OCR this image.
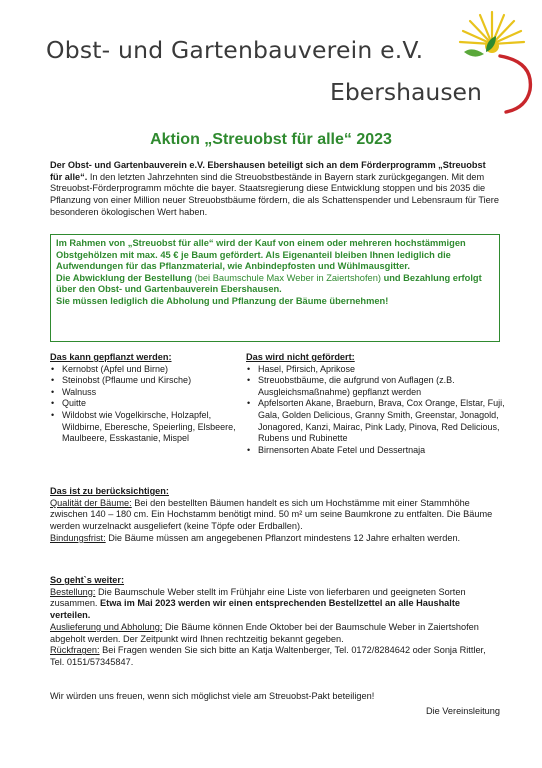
Obst- und Gartenbauverein e.V.
Ebershausen
Aktion „Streuobst für alle“ 2023
Der Obst- und Gartenbauverein e.V. Ebershausen beteiligt sich an dem Förderprogramm „Streuobst für alle“. In den letzten Jahrzehnten sind die Streuobstbestände in Bayern stark zurückgegangen. Mit dem Streuobst-Förderprogramm möchte die bayer. Staatsregierung diese Entwicklung stoppen und bis 2035 die Pflanzung von einer Million neuer Streuobstbäume fördern, die als Schattenspender und Lebensraum für Tiere besonderen ökologischen Wert haben.
Im Rahmen von „Streuobst für alle“ wird der Kauf von einem oder mehreren hochstämmigen Obstgehölzen mit max. 45 € je Baum gefördert. Als Eigenanteil bleiben Ihnen lediglich die Aufwendungen für das Pflanzmaterial, wie Anbindepfosten und Wühlmausgitter.
Die Abwicklung der Bestellung (bei Baumschule Max Weber in Zaiertshofen) und Bezahlung erfolgt über den Obst- und Gartenbauverein Ebershausen.
Sie müssen lediglich die Abholung und Pflanzung der Bäume übernehmen!
Das kann gepflanzt werden:
• Kernobst (Apfel und Birne)
• Steinobst (Pflaume und Kirsche)
• Walnuss
• Quitte
• Wildobst wie Vogelkirsche, Holzapfel, Wildbirne, Eberesche, Speierling, Elsbeere, Maulbeere, Esskastanie, Mispel
Das wird nicht gefördert:
• Hasel, Pfirsich, Aprikose
• Streuobstbäume, die aufgrund von Auflagen (z.B. Ausgleichsmaßnahme) gepflanzt werden
• Apfelsorten Akane, Braeburn, Brava, Cox Orange, Elstar, Fuji, Gala, Golden Delicious, Granny Smith, Greenstar, Jonagold, Jonagored, Kanzi, Mairac, Pink Lady, Pinova, Red Delicious, Rubens und Rubinette
• Birnensorten Abate Fetel und Dessertnaja
Das ist zu berücksichtigen:
Qualität der Bäume: Bei den bestellten Bäumen handelt es sich um Hochstämme mit einer Stammhöhe zwischen 140 – 180 cm. Ein Hochstamm benötigt mind. 50 m² um seine Baumkrone zu entfalten. Die Bäume werden wurzelnackt ausgeliefert (keine Töpfe oder Erdballen).
Bindungsfrist: Die Bäume müssen am angegebenen Pflanzort mindestens 12 Jahre erhalten werden.
So geht`s weiter:
Bestellung: Die Baumschule Weber stellt im Frühjahr eine Liste von lieferbaren und geeigneten Sorten zusammen. Etwa im Mai 2023 werden wir einen entsprechenden Bestellzettel an alle Haushalte verteilen.
Auslieferung und Abholung: Die Bäume können Ende Oktober bei der Baumschule Weber in Zaiertshofen abgeholt werden. Der Zeitpunkt wird Ihnen rechtzeitig bekannt gegeben.
Rückfragen: Bei Fragen wenden Sie sich bitte an Katja Waltenberger, Tel. 0172/8284642 oder Sonja Rittler, Tel. 0151/57345847.
Wir würden uns freuen, wenn sich möglichst viele am Streuobst-Pakt beteiligen!
Die Vereinsleitung
